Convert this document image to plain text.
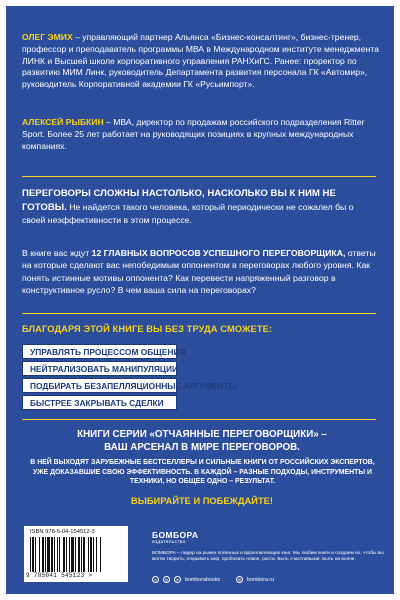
ОЛЕГ ЭМИХ – управляющий партнер Альянса «Бизнес-консалтинг», бизнес-тренер, профессор и преподаватель программы МВА в Международном институте менеджмента ЛИНК и Высшей школе корпоративного управления РАНХиГС. Ранее: проректор по развитию МИМ Линк, руководитель Департамента развития персонала ГК «Автомир», руководитель Корпоративной академии ГК «Русьимпорт».

АЛЕКСЕЙ РЫБКИН – МВА, директор по продажам российского подразделения Ritter Sport. Более 25 лет работает на руководящих позициях в крупных международных компаниях.

ПЕРЕГОВОРЫ СЛОЖНЫ НАСТОЛЬКО, НАСКОЛЬКО ВЫ К НИМ НЕ ГОТОВЫ. Не найдется такого человека, который периодически не сожалел бы о своей неэффективности в этом процессе.

В книге вас ждут 12 ГЛАВНЫХ ВОПРОСОВ УСПЕШНОГО ПЕРЕГОВОРЩИКА, ответы на которые сделают вас непобедимым оппонентом в переговорах любого уровня. Как понять истинные мотивы оппонента? Как перевести напряженный разговор в конструктивное русло? В чем ваша сила на переговорах?

БЛАГОДАРЯ ЭТОЙ КНИГЕ ВЫ БЕЗ ТРУДА СМОЖЕТЕ:
УПРАВЛЯТЬ ПРОЦЕССОМ ОБЩЕНИЯ
НЕЙТРАЛИЗОВАТЬ МАНИПУЛЯЦИИ
ПОДБИРАТЬ БЕЗАПЕЛЛЯЦИОННЫЕ АРГУМЕНТЫ
БЫСТРЕЕ ЗАКРЫВАТЬ СДЕЛКИ
КНИГИ СЕРИИ «ОТЧАЯННЫЕ ПЕРЕГОВОРЩИКИ» –
ВАШ АРСЕНАЛ В МИРЕ ПЕРЕГОВОРОВ.

В НЕЙ ВЫХОДЯТ ЗАРУБЕЖНЫЕ БЕСТСЕЛЛЕРЫ И СИЛЬНЫЕ КНИГИ ОТ РОССИЙСКИХ ЭКСПЕРТОВ, УЖЕ ДОКАЗАВШИЕ СВОЮ ЭФФЕКТИВНОСТЬ. В КАЖДОЙ – РАЗНЫЕ ПОДХОДЫ, ИНСТРУМЕНТЫ И ТЕХНИКИ, НО ОБЩЕЕ ОДНО – РЕЗУЛЬТАТ.

ВЫБИРАЙТЕ И ПОБЕЖДАЙТЕ!
ISBN 978-5-04-154512-3
9 785041 545123 >
БОМБОРА
издательство

БОМБОРА – лидер на рынке полезных и вдохновляющих книг. Мы любим книги и создаем их, чтобы вы могли творить, открывать мир, пробовать новое, расти. Быть счастливыми. Быть на волне.

в	◎	➤	bomborabooks	⊕	bombora.ru
